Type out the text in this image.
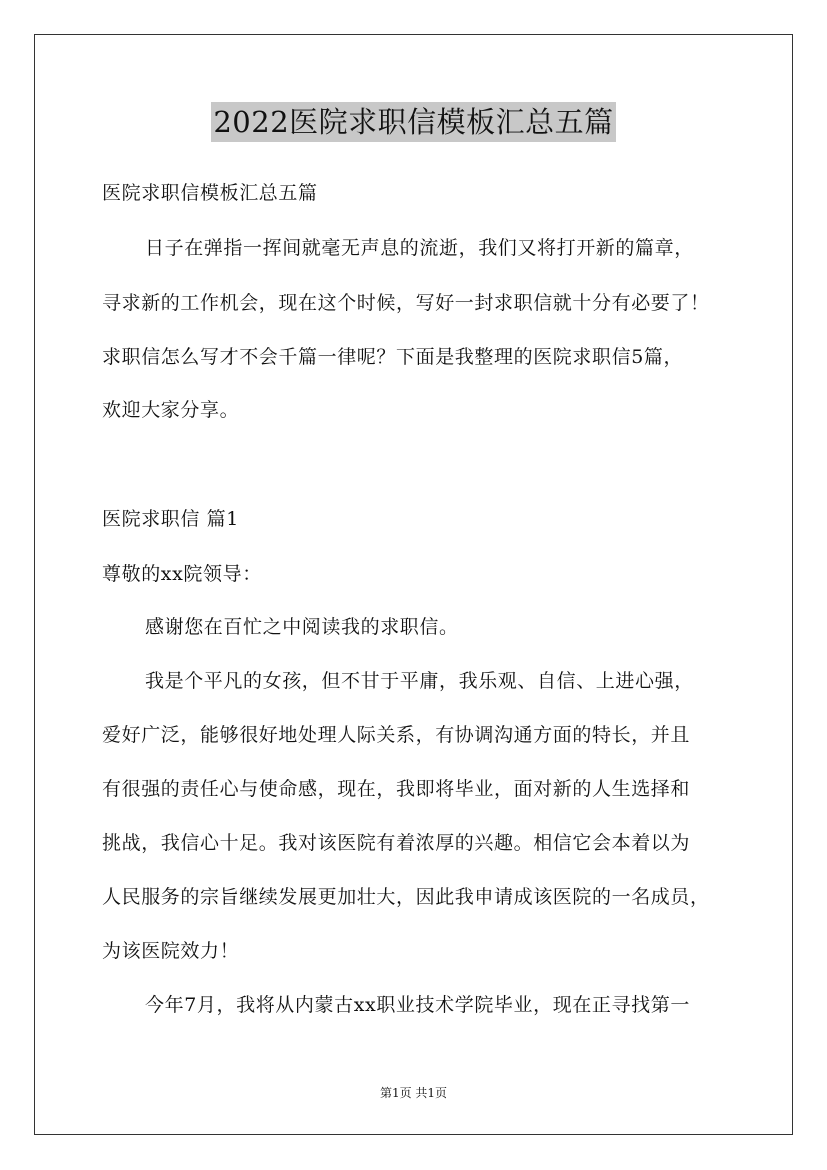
2022医院求职信模板汇总五篇
医院求职信模板汇总五篇
日子在弹指一挥间就毫无声息的流逝，我们又将打开新的篇章，
寻求新的工作机会，现在这个时候，写好一封求职信就十分有必要了！
求职信怎么写才不会千篇一律呢？下面是我整理的医院求职信5篇，
欢迎大家分享。
医院求职信 篇1
尊敬的xx院领导：
感谢您在百忙之中阅读我的求职信。
我是个平凡的女孩，但不甘于平庸，我乐观、自信、上进心强，
爱好广泛，能够很好地处理人际关系，有协调沟通方面的特长，并且
有很强的责任心与使命感，现在，我即将毕业，面对新的人生选择和
挑战，我信心十足。我对该医院有着浓厚的兴趣。相信它会本着以为
人民服务的宗旨继续发展更加壮大，因此我申请成该医院的一名成员，
为该医院效力！
今年7月，我将从内蒙古xx职业技术学院毕业，现在正寻找第一
第1页 共1页
